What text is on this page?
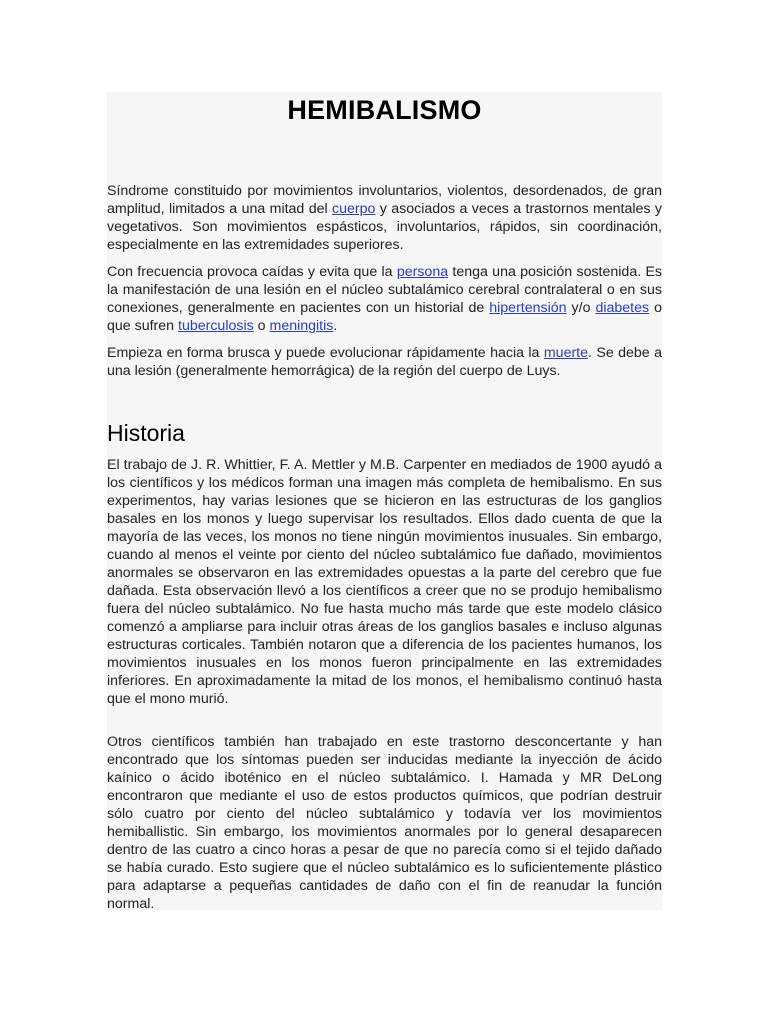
HEMIBALISMO

Síndrome constituido por movimientos involuntarios, violentos, desordenados, de gran amplitud, limitados a una mitad del cuerpo y asociados a veces a trastornos mentales y vegetativos. Son movimientos espásticos, involuntarios, rápidos, sin coordinación, especialmente en las extremidades superiores.

Con frecuencia provoca caídas y evita que la persona tenga una posición sostenida. Es la manifestación de una lesión en el núcleo subtalámico cerebral contralateral o en sus conexiones, generalmente en pacientes con un historial de hipertensión y/o diabetes o que sufren tuberculosis o meningitis.

Empieza en forma brusca y puede evolucionar rápidamente hacia la muerte. Se debe a una lesión (generalmente hemorrágica) de la región del cuerpo de Luys.

Historia

El trabajo de J. R. Whittier, F. A. Mettler y M.B. Carpenter en mediados de 1900 ayudó a los científicos y los médicos forman una imagen más completa de hemibalismo. En sus experimentos, hay varias lesiones que se hicieron en las estructuras de los ganglios basales en los monos y luego supervisar los resultados. Ellos dado cuenta de que la mayoría de las veces, los monos no tiene ningún movimientos inusuales. Sin embargo, cuando al menos el veinte por ciento del núcleo subtalámico fue dañado, movimientos anormales se observaron en las extremidades opuestas a la parte del cerebro que fue dañada. Esta observación llevó a los científicos a creer que no se produjo hemibalismo fuera del núcleo subtalámico. No fue hasta mucho más tarde que este modelo clásico comenzó a ampliarse para incluir otras áreas de los ganglios basales e incluso algunas estructuras corticales. También notaron que a diferencia de los pacientes humanos, los movimientos inusuales en los monos fueron principalmente en las extremidades inferiores. En aproximadamente la mitad de los monos, el hemibalismo continuó hasta que el mono murió.

Otros científicos también han trabajado en este trastorno desconcertante y han encontrado que los síntomas pueden ser inducidas mediante la inyección de ácido kaínico o ácido iboténico en el núcleo subtalámico. I. Hamada y MR DeLong encontraron que mediante el uso de estos productos químicos, que podrían destruir sólo cuatro por ciento del núcleo subtalámico y todavía ver los movimientos hemiballistic. Sin embargo, los movimientos anormales por lo general desaparecen dentro de las cuatro a cinco horas a pesar de que no parecía como si el tejido dañado se había curado. Esto sugiere que el núcleo subtalámico es lo suficientemente plástico para adaptarse a pequeñas cantidades de daño con el fin de reanudar la función normal.
